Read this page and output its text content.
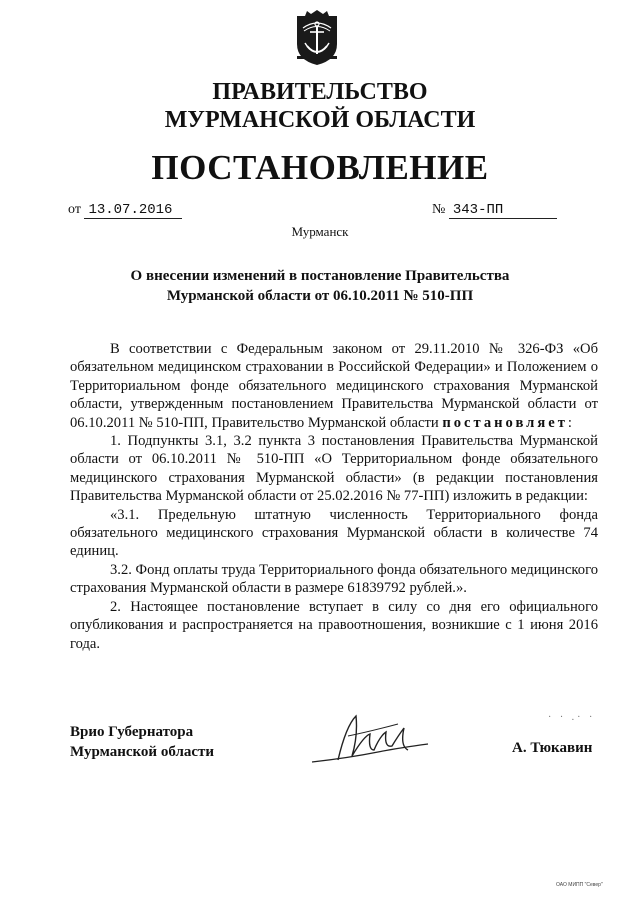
ПРАВИТЕЛЬСТВО
МУРМАНСКОЙ ОБЛАСТИ
ПОСТАНОВЛЕНИЕ
от 13.07.2016	№ 343-ПП
Мурманск
О внесении изменений в постановление Правительства
Мурманской области от 06.10.2011 № 510-ПП

В соответствии с Федеральным законом от 29.11.2010 № 326-ФЗ «Об обязательном медицинском страховании в Российской Федерации» и Положением о Территориальном фонде обязательного медицинского страхования Мурманской области, утвержденным постановлением Правительства Мурманской области от 06.10.2011 № 510-ПП, Правительство Мурманской области постановляет:

1. Подпункты 3.1, 3.2 пункта 3 постановления Правительства Мурманской области от 06.10.2011 № 510-ПП «О Территориальном фонде обязательного медицинского страхования Мурманской области» (в редакции постановления Правительства Мурманской области от 25.02.2016 № 77-ПП) изложить в редакции:

«3.1. Предельную штатную численность Территориального фонда обязательного медицинского страхования Мурманской области в количестве 74 единиц.

3.2. Фонд оплаты труда Территориального фонда обязательного медицинского страхования Мурманской области в размере 61839792 рублей.».

2. Настоящее постановление вступает в силу со дня его официального опубликования и распространяется на правоотношения, возникшие с 1 июня 2016 года.

Врио Губернатора
Мурманской области	А. Тюкавин
· · .· ·
ОАО МИПП "Север"
